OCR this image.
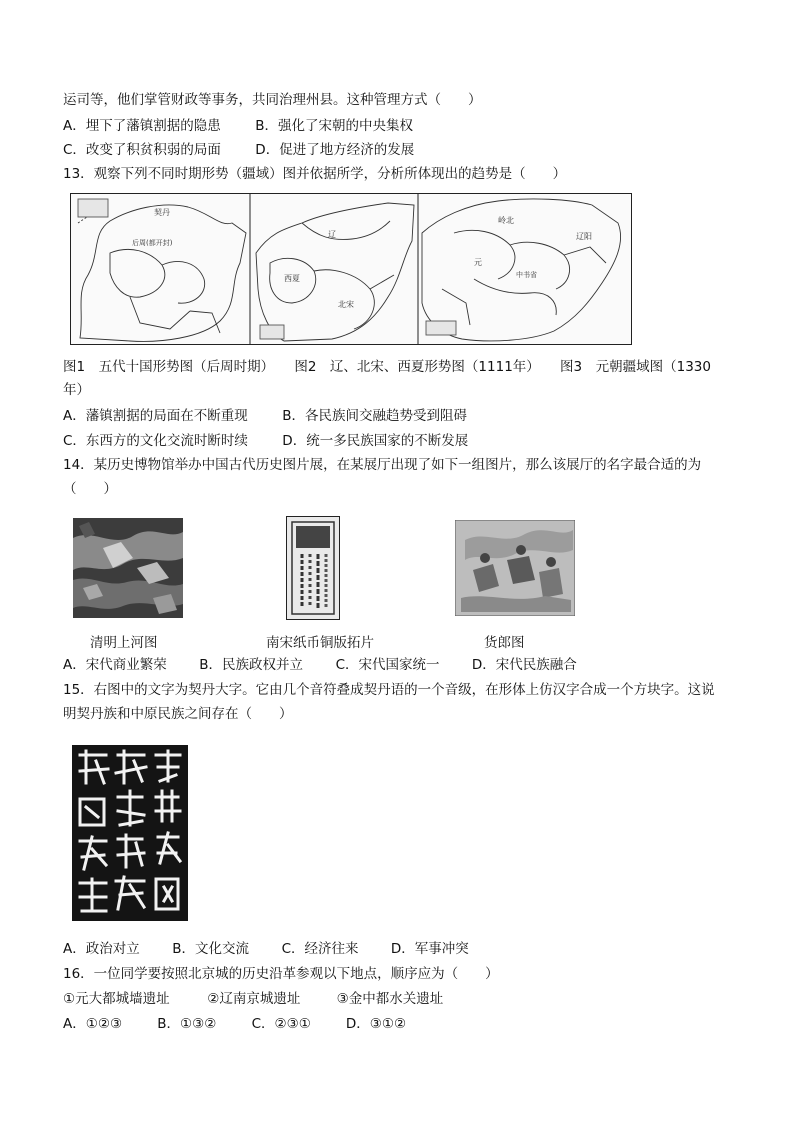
运司等，他们掌管财政等事务，共同治理州县。这种管理方式（　　）
A．埋下了藩镇割据的隐患	B．强化了宋朝的中央集权
C．改变了积贫积弱的局面	D．促进了地方经济的发展
13．观察下列不同时期形势（疆域）图并依据所学，分析所体现出的趋势是（　　）
契丹
后周(都开封)
辽
西夏
北宋
岭北
辽阳
中书省
元
图1　五代十国形势图（后周时期）　　图2　辽、北宋、西夏形势图（1111年）　　图3　元朝疆域图（1330
年）
A．藩镇割据的局面在不断重现	B．各民族间交融趋势受到阻碍
C．东西方的文化交流时断时续	D．统一多民族国家的不断发展
14．某历史博物馆举办中国古代历史图片展，在某展厅出现了如下一组图片，那么该展厅的名字最合适的为
（　　）
清明上河图	南宋纸币铜版拓片	货郎图
A．宋代商业繁荣 B．民族政权并立 C．宋代国家统一 D．宋代民族融合
15．右图中的文字为契丹大字。它由几个音符叠成契丹语的一个音级，在形体上仿汉字合成一个方块字。这说
明契丹族和中原民族之间存在（　　）
A．政治对立 B．文化交流 C．经济往来 D．军事冲突
16．一位同学要按照北京城的历史沿革参观以下地点，顺序应为（　　）
①元大都城墙遗址	②辽南京城遗址	③金中都水关遗址
A．①②③	B．①③②	C．②③①	D．③①②
